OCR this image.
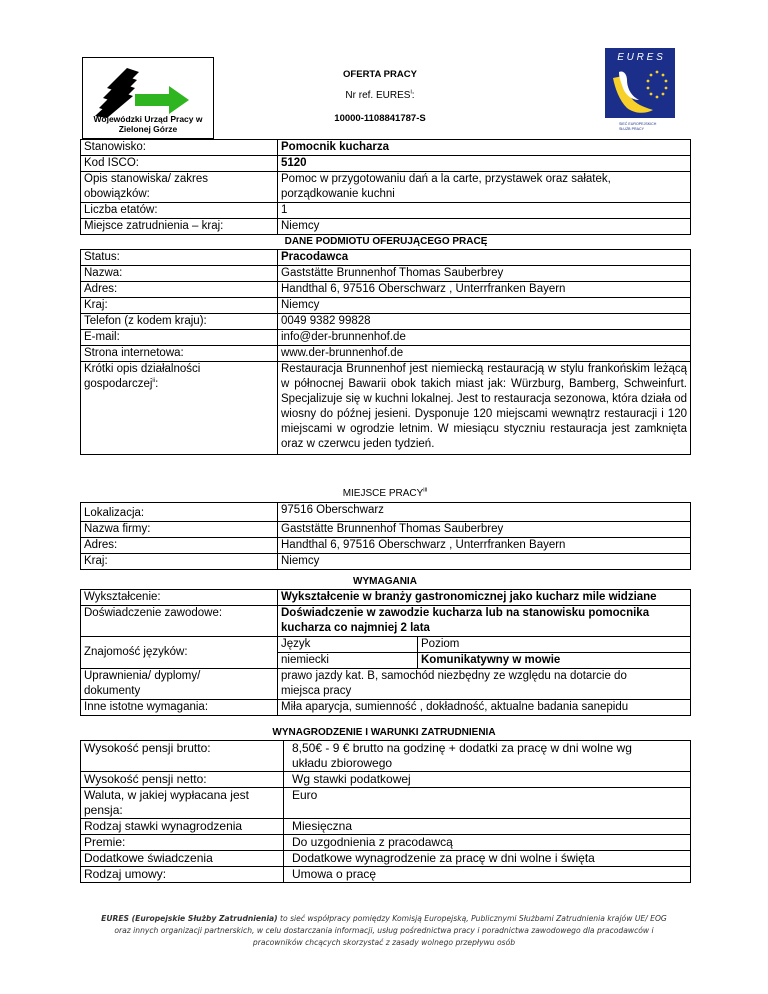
Wojewódzki Urząd Pracy w Zielonej Górze
OFERTA PRACY
Nr ref. EURES$^i$:
10000-1108841787-S
E U R E S
SIEĆ EUROPEJSKICH
SŁUŻB PRACY
Stanowisko:	Pomocnik kucharza
Kod ISCO:	5120
Opis stanowiska/ zakres
obowiązków:	Pomoc w przygotowaniu dań a la carte, przystawek oraz sałatek,
porządkowanie kuchni
Liczba etatów:	1
Miejsce zatrudnienia – kraj:	Niemcy
DANE PODMIOTU OFERUJĄCEGO PRACĘ
Status:	Pracodawca
Nazwa:	Gaststätte Brunnenhof Thomas Sauberbrey
Adres:	Handthal 6, 97516 Oberschwarz , Unterrfranken Bayern
Kraj:	Niemcy
Telefon (z kodem kraju):	0049 9382 99828
E-mail:	info@der-brunnenhof.de
Strona internetowa:	www.der-brunnenhof.de
Krótki opis działalności
gospodarczej$^{ii}$:	Restauracja Brunnenhof jest niemiecką restauracją w stylu frankońskim leżącą w północnej Bawarii obok takich miast jak: Würzburg, Bamberg, Schweinfurt. Specjalizuje się w kuchni lokalnej. Jest to restauracja sezonowa, która działa od wiosny do późnej jesieni. Dysponuje 120 miejscami wewnątrz restauracji i 120 miejscami w ogrodzie letnim. W miesiącu styczniu restauracja jest zamknięta oraz w czerwcu jeden tydzień.
MIEJSCE PRACY$^{iii}$
Lokalizacja:	97516 Oberschwarz
Nazwa firmy:	Gaststätte Brunnenhof Thomas Sauberbrey
Adres:	Handthal 6, 97516 Oberschwarz , Unterrfranken Bayern
Kraj:	Niemcy
WYMAGANIA
Wykształcenie:	Wykształcenie w branży gastronomicznej jako kucharz mile widziane
Doświadczenie zawodowe:	Doświadczenie w zawodzie kucharza lub na stanowisku pomocnika
kucharza co najmniej 2 lata
Znajomość języków:	
Język	Poziom
niemiecki	Komunikatywny w mowie

Uprawnienia/ dyplomy/
dokumenty	prawo jazdy kat. B, samochód niezbędny ze względu na dotarcie do
miejsca pracy
Inne istotne wymagania:	Miła aparycja, sumienność , dokładność, aktualne badania sanepidu
WYNAGRODZENIE I WARUNKI ZATRUDNIENIA
Wysokość pensji brutto:	8,50€ - 9 € brutto na godzinę + dodatki za pracę w dni wolne wg
układu zbiorowego
Wysokość pensji netto:	Wg stawki podatkowej
Waluta, w jakiej wypłacana jest
pensja:	Euro
Rodzaj stawki wynagrodzenia	Miesięczna
Premie:	Do uzgodnienia z pracodawcą
Dodatkowe świadczenia	Dodatkowe wynagrodzenie za pracę w dni wolne i święta
Rodzaj umowy:	Umowa o pracę
EURES (Europejskie Służby Zatrudnienia) to sieć współpracy pomiędzy Komisją Europejską, Publicznymi Służbami Zatrudnienia krajów UE/ EOG
oraz innych organizacji partnerskich, w celu dostarczania informacji, usług pośrednictwa pracy i poradnictwa zawodowego dla pracodawców i
pracowników chcących skorzystać z zasady wolnego przepływu osób
